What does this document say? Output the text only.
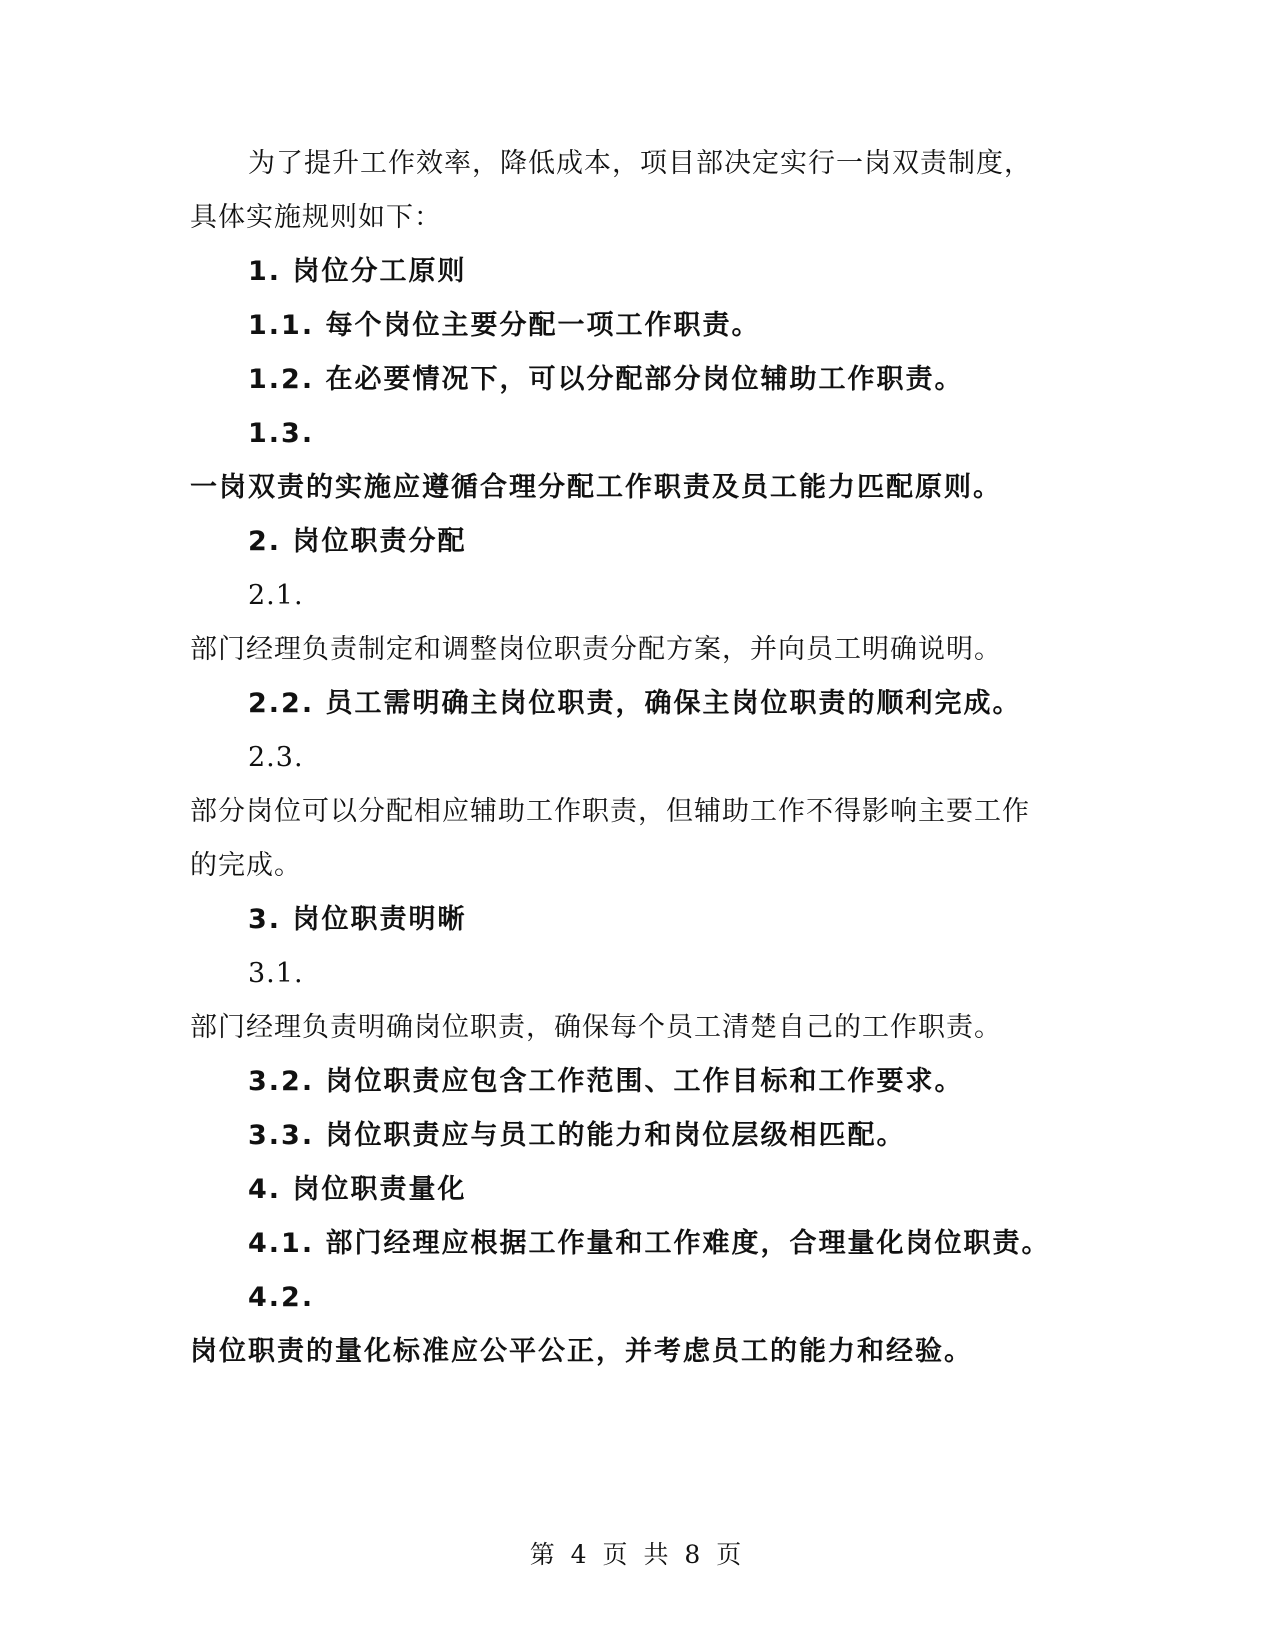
为了提升工作效率，降低成本，项目部决定实行一岗双责制度，
具体实施规则如下：
1. 岗位分工原则
1.1. 每个岗位主要分配一项工作职责。
1.2. 在必要情况下，可以分配部分岗位辅助工作职责。
1.3.
一岗双责的实施应遵循合理分配工作职责及员工能力匹配原则。
2. 岗位职责分配
2.1.
部门经理负责制定和调整岗位职责分配方案，并向员工明确说明。
2.2. 员工需明确主岗位职责，确保主岗位职责的顺利完成。
2.3.
部分岗位可以分配相应辅助工作职责，但辅助工作不得影响主要工作
的完成。
3. 岗位职责明晰
3.1.
部门经理负责明确岗位职责，确保每个员工清楚自己的工作职责。
3.2. 岗位职责应包含工作范围、工作目标和工作要求。
3.3. 岗位职责应与员工的能力和岗位层级相匹配。
4. 岗位职责量化
4.1. 部门经理应根据工作量和工作难度，合理量化岗位职责。
4.2.
岗位职责的量化标准应公平公正，并考虑员工的能力和经验。
第 4 页 共 8 页
